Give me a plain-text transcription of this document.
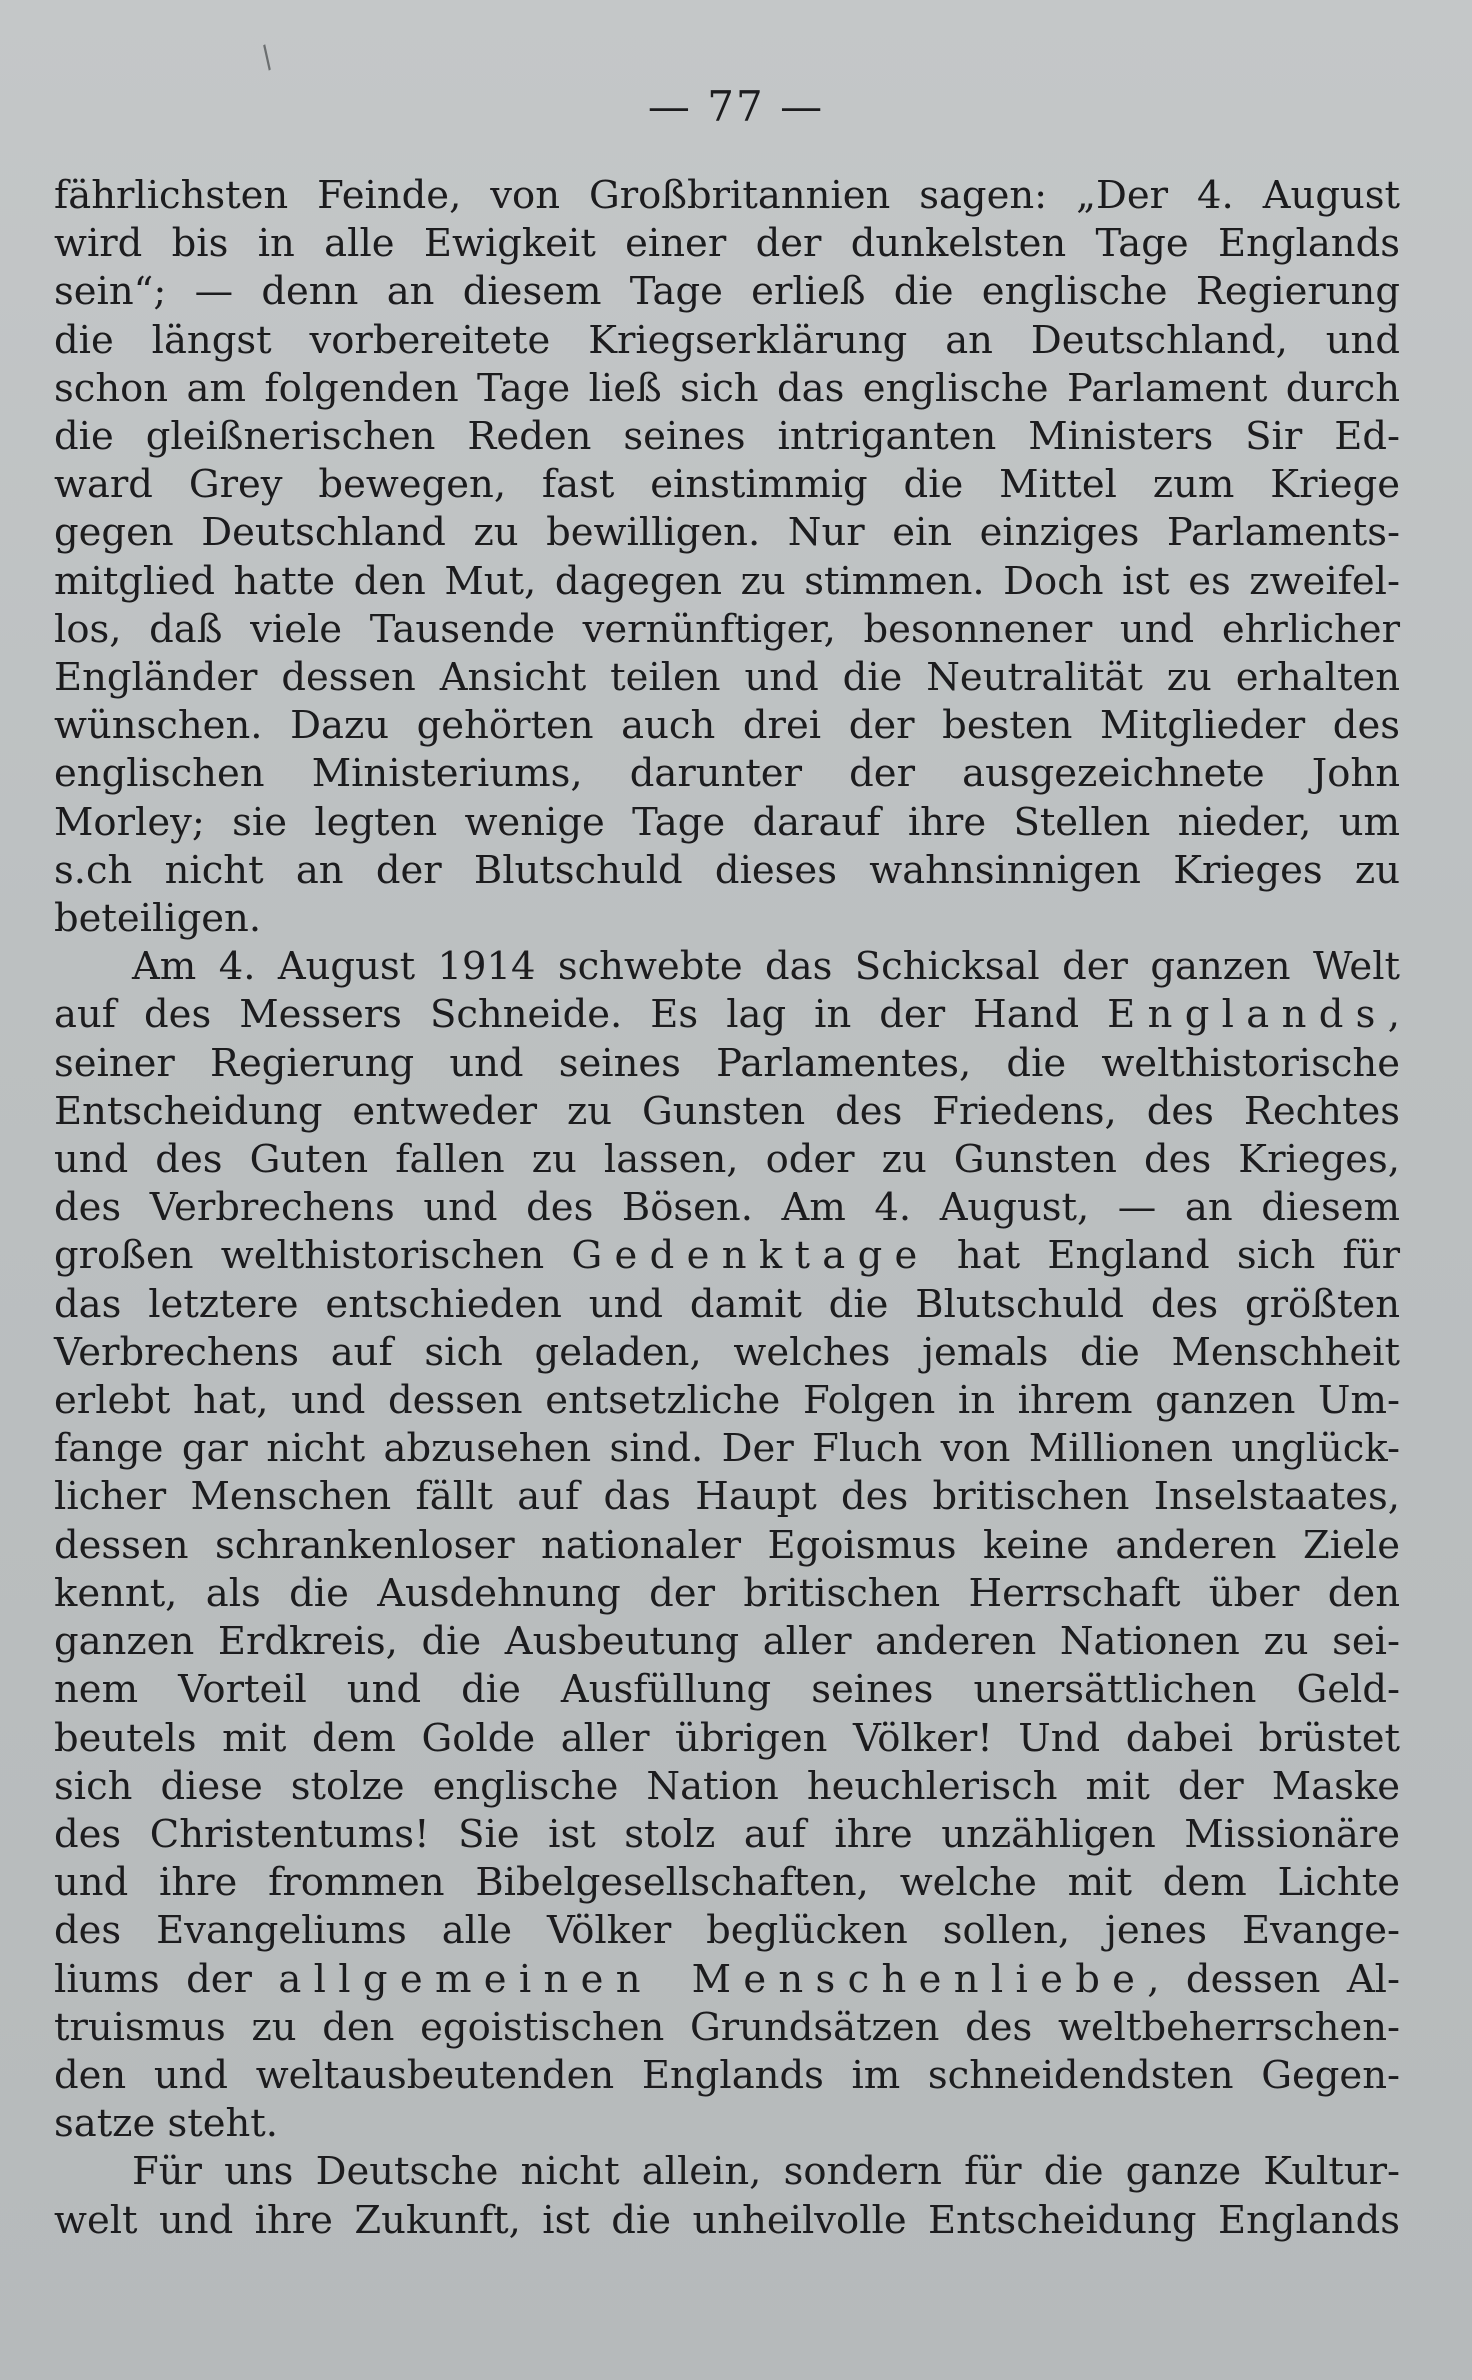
/
— 77 —
fährlichsten Feinde, von Großbritannien sagen: „Der 4. August
wird bis in alle Ewigkeit einer der dunkelsten Tage Englands
sein“; — denn an diesem Tage erließ die englische Regierung
die längst vorbereitete Kriegserklärung an Deutschland, und
schon am folgenden Tage ließ sich das englische Parlament durch
die gleißnerischen Reden seines intriganten Ministers Sir Ed-
ward Grey bewegen, fast einstimmig die Mittel zum Kriege
gegen Deutschland zu bewilligen. Nur ein einziges Parlaments-
mitglied hatte den Mut, dagegen zu stimmen. Doch ist es zweifel-
los, daß viele Tausende vernünftiger, besonnener und ehrlicher
Engländer dessen Ansicht teilen und die Neutralität zu erhalten
wünschen. Dazu gehörten auch drei der besten Mitglieder des
englischen Ministeriums, darunter der ausgezeichnete John
Morley; sie legten wenige Tage darauf ihre Stellen nieder, um
s.ch nicht an der Blutschuld dieses wahnsinnigen Krieges zu
beteiligen.
Am 4. August 1914 schwebte das Schicksal der ganzen Welt
auf des Messers Schneide. Es lag in der Hand Englands,
seiner Regierung und seines Parlamentes, die welthistorische
Entscheidung entweder zu Gunsten des Friedens, des Rechtes
und des Guten fallen zu lassen, oder zu Gunsten des Krieges,
des Verbrechens und des Bösen. Am 4. August, — an diesem
großen welthistorischen Gedenktage hat England sich für
das letztere entschieden und damit die Blutschuld des größten
Verbrechens auf sich geladen, welches jemals die Menschheit
erlebt hat, und dessen entsetzliche Folgen in ihrem ganzen Um-
fange gar nicht abzusehen sind. Der Fluch von Millionen unglück-
licher Menschen fällt auf das Haupt des britischen Inselstaates,
dessen schrankenloser nationaler Egoismus keine anderen Ziele
kennt, als die Ausdehnung der britischen Herrschaft über den
ganzen Erdkreis, die Ausbeutung aller anderen Nationen zu sei-
nem Vorteil und die Ausfüllung seines unersättlichen Geld-
beutels mit dem Golde aller übrigen Völker! Und dabei brüstet
sich diese stolze englische Nation heuchlerisch mit der Maske
des Christentums! Sie ist stolz auf ihre unzähligen Missionäre
und ihre frommen Bibelgesellschaften, welche mit dem Lichte
des Evangeliums alle Völker beglücken sollen, jenes Evange-
liums der allgemeinen Menschenliebe, dessen Al-
truismus zu den egoistischen Grundsätzen des weltbeherrschen-
den und weltausbeutenden Englands im schneidendsten Gegen-
satze steht.
Für uns Deutsche nicht allein, sondern für die ganze Kultur-
welt und ihre Zukunft, ist die unheilvolle Entscheidung Englands
